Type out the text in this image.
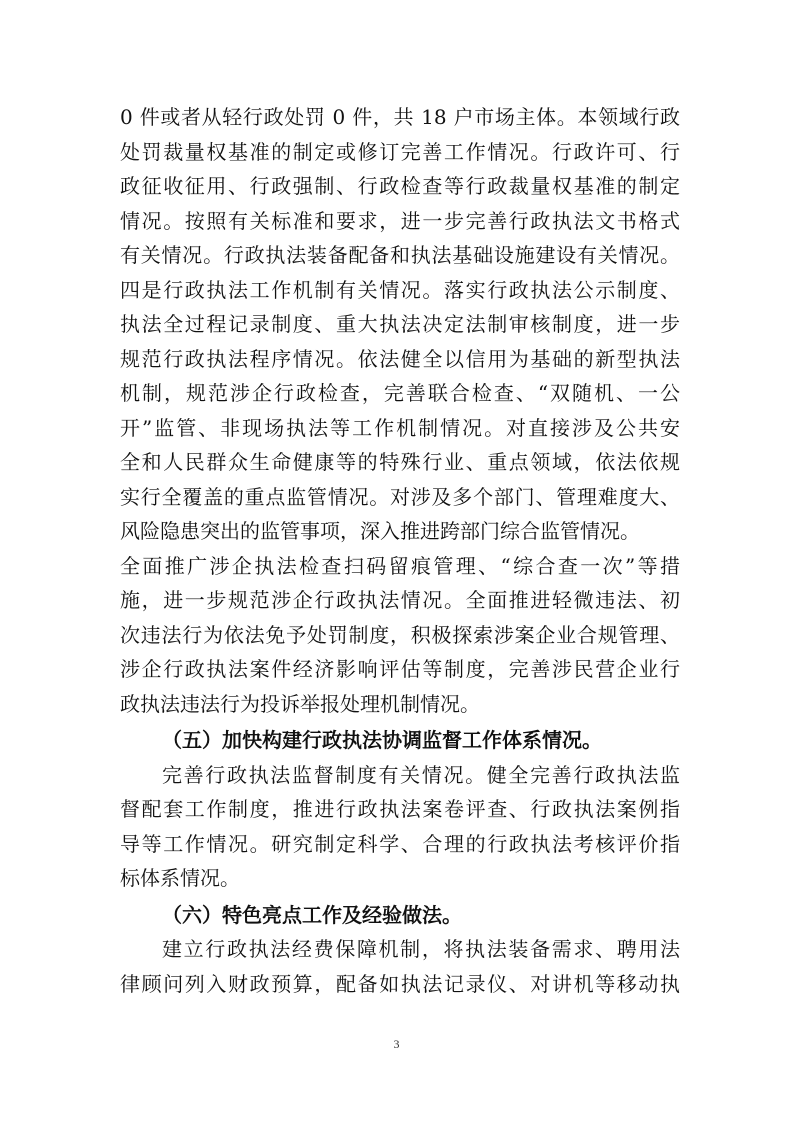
0 件或者从轻行政处罚 0 件，共 18 户市场主体。本领域行政
处罚裁量权基准的制定或修订完善工作情况。行政许可、行
政征收征用、行政强制、行政检查等行政裁量权基准的制定
情况。按照有关标准和要求，进一步完善行政执法文书格式
有关情况。行政执法装备配备和执法基础设施建设有关情况。
四是行政执法工作机制有关情况。落实行政执法公示制度、
执法全过程记录制度、重大执法决定法制审核制度，进一步
规范行政执法程序情况。依法健全以信用为基础的新型执法
机制，规范涉企行政检查，完善联合检查、“双随机、一公
开”监管、非现场执法等工作机制情况。对直接涉及公共安
全和人民群众生命健康等的特殊行业、重点领域，依法依规
实行全覆盖的重点监管情况。对涉及多个部门、管理难度大、
风险隐患突出的监管事项，深入推进跨部门综合监管情况。
全面推广涉企执法检查扫码留痕管理、“综合查一次”等措
施，进一步规范涉企行政执法情况。全面推进轻微违法、初
次违法行为依法免予处罚制度，积极探索涉案企业合规管理、
涉企行政执法案件经济影响评估等制度，完善涉民营企业行
政执法违法行为投诉举报处理机制情况。
（五）加快构建行政执法协调监督工作体系情况。
完善行政执法监督制度有关情况。健全完善行政执法监
督配套工作制度，推进行政执法案卷评查、行政执法案例指
导等工作情况。研究制定科学、合理的行政执法考核评价指
标体系情况。
（六）特色亮点工作及经验做法。
建立行政执法经费保障机制，将执法装备需求、聘用法
律顾问列入财政预算，配备如执法记录仪、对讲机等移动执
3
